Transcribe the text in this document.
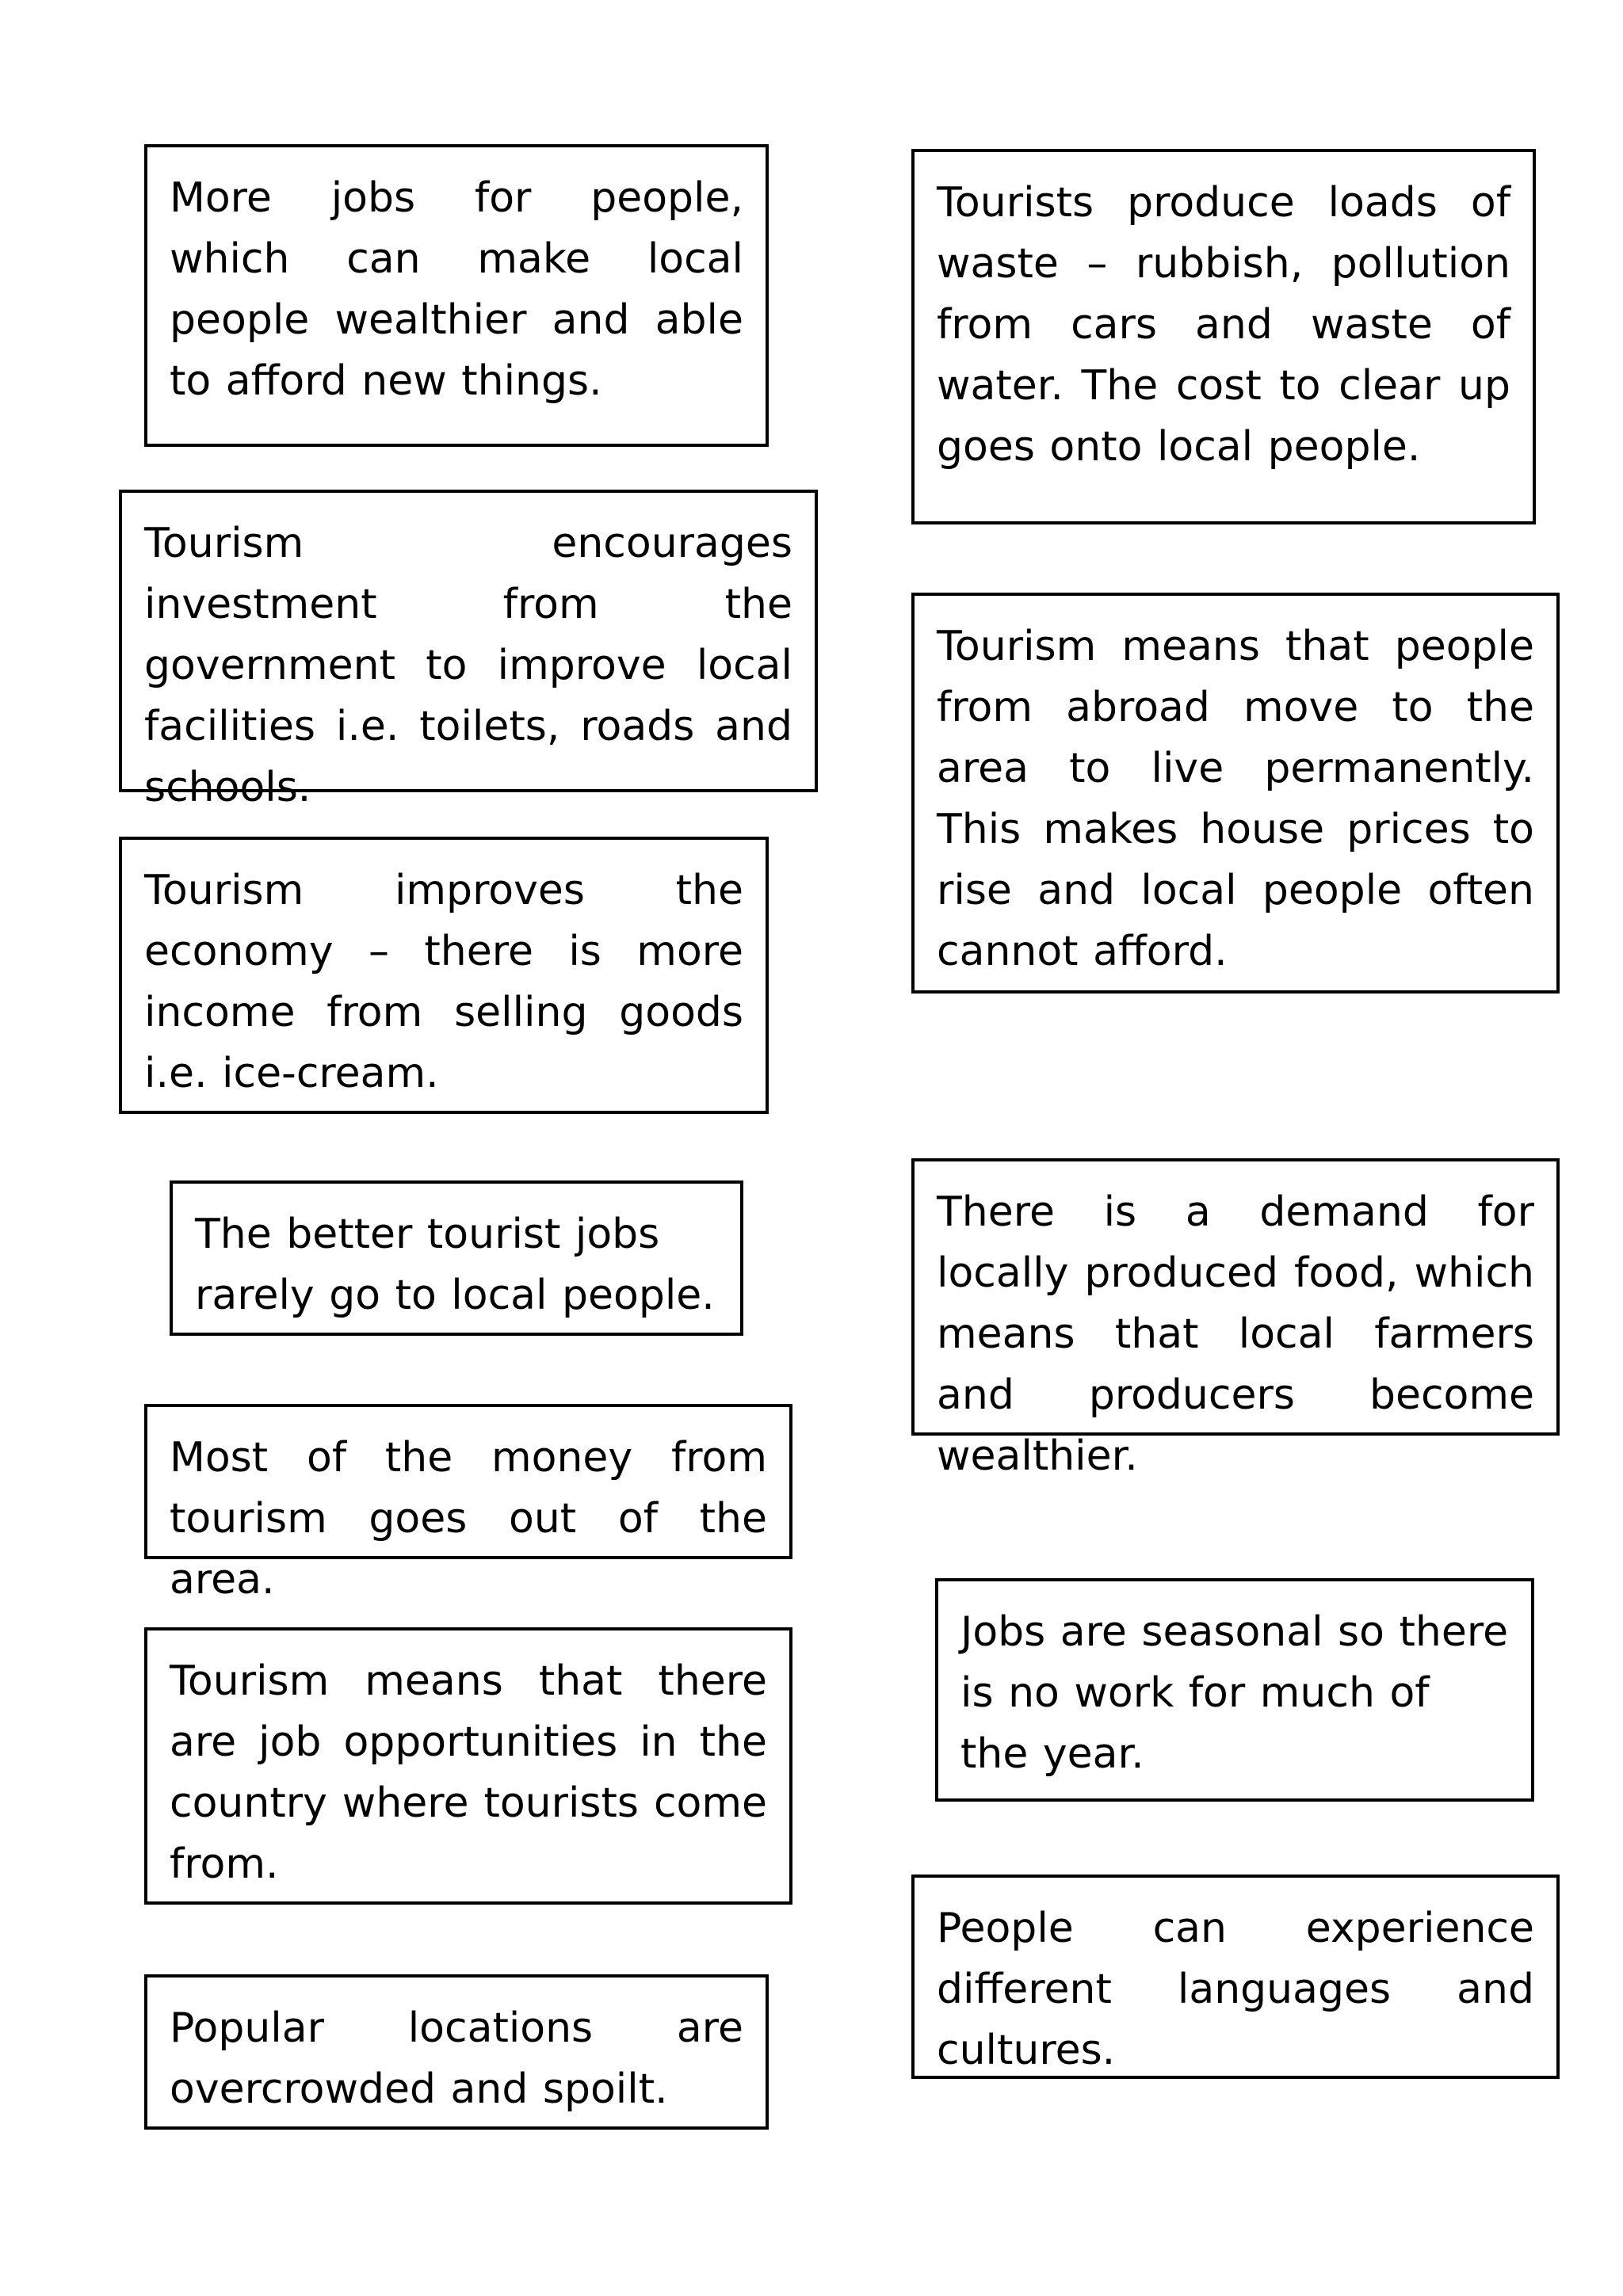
More jobs for people, which can make local people wealthier and able to afford new things.

Tourists produce loads of waste – rubbish, pollution from cars and waste of water. The cost to clear up goes onto local people.

Tourism encourages investment from the government to improve local facilities i.e. toilets, roads and schools.

Tourism means that people from abroad move to the area to live permanently. This makes house prices to rise and local people often cannot afford.

Tourism improves the economy – there is more income from selling goods i.e. ice-cream.

The better tourist jobs rarely go to local people.

There is a demand for locally produced food, which means that local farmers and producers become wealthier.

Most of the money from tourism goes out of the area.

Jobs are seasonal so there is no work for much of the year.

Tourism means that there are job opportunities in the country where tourists come from.

People can experience different languages and cultures.

Popular locations are overcrowded and spoilt.
